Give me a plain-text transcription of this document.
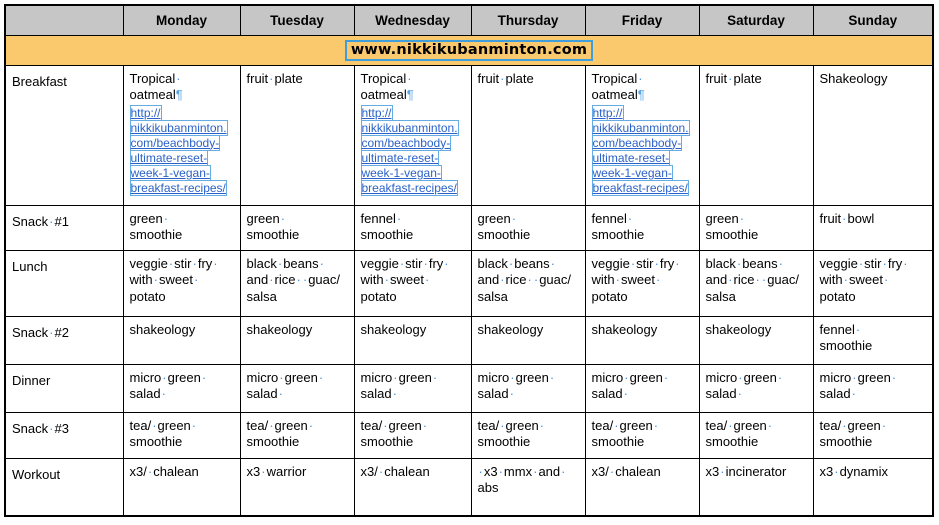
	Monday	Tuesday	Wednesday	Thursday	Friday	Saturday	Sunday
www.nikkikubanminton.com							
Breakfast	Tropical·
oatmeal¶
http://
nikkikubanminton.
com/beachbody-
ultimate-reset-
week-1-vegan-
breakfast-recipes/
	fruit·plate	Tropical·
oatmeal¶
http://
nikkikubanminton.
com/beachbody-
ultimate-reset-
week-1-vegan-
breakfast-recipes/
	fruit·plate	Tropical·
oatmeal¶
http://
nikkikubanminton.
com/beachbody-
ultimate-reset-
week-1-vegan-
breakfast-recipes/
	fruit·plate	Shakeology
Snack·#1	green·
smoothie	green·
smoothie	fennel·
smoothie	green·
smoothie	fennel·
smoothie	green·
smoothie	fruit·bowl
Lunch	veggie·stir·fry·
with·sweet·
potato	black·beans·
and·rice· ·guac/
salsa	veggie·stir·fry·
with·sweet·
potato	black·beans·
and·rice· ·guac/
salsa	veggie·stir·fry·
with·sweet·
potato	black·beans·
and·rice· ·guac/
salsa	veggie·stir·fry·
with·sweet·
potato
Snack·#2	shakeology	shakeology	shakeology	shakeology	shakeology	shakeology	fennel·
smoothie
Dinner	micro·green·
salad·	micro·green·
salad·	micro·green·
salad·	micro·green·
salad·	micro·green·
salad·	micro·green·
salad·	micro·green·
salad·
Snack·#3	tea/·green·
smoothie	tea/·green·
smoothie	tea/·green·
smoothie	tea/·green·
smoothie	tea/·green·
smoothie	tea/·green·
smoothie	tea/·green·
smoothie
Workout	x3/·chalean	x3·warrior	x3/·chalean	·x3·mmx·and·
abs	x3/·chalean	x3·incinerator	x3·dynamix
